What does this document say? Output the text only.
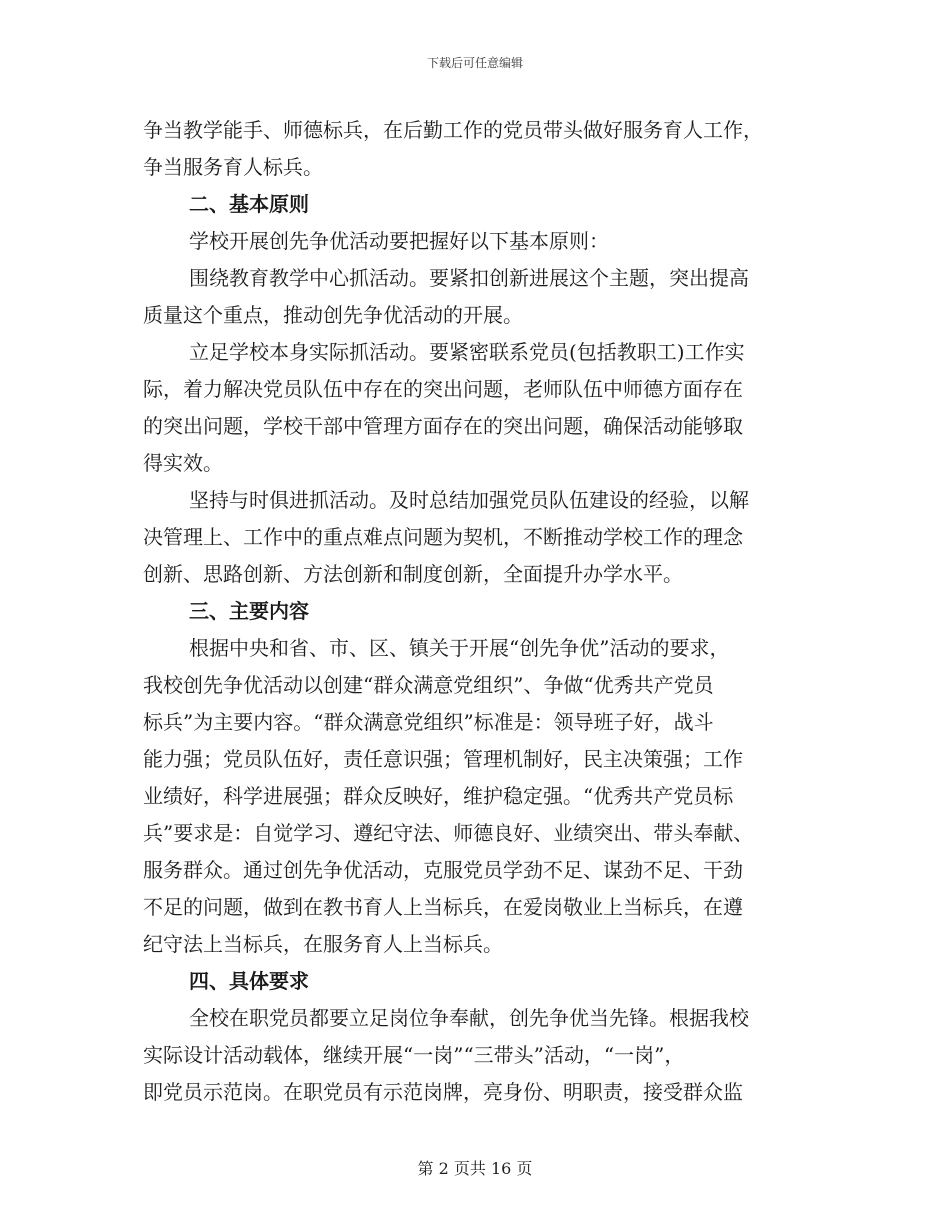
下载后可任意编辑
争当教学能手、师德标兵，在后勤工作的党员带头做好服务育人工作，
争当服务育人标兵。
二、基本原则
学校开展创先争优活动要把握好以下基本原则：
围绕教育教学中心抓活动。要紧扣创新进展这个主题，突出提高
质量这个重点，推动创先争优活动的开展。
立足学校本身实际抓活动。要紧密联系党员(包括教职工)工作实
际，着力解决党员队伍中存在的突出问题，老师队伍中师德方面存在
的突出问题，学校干部中管理方面存在的突出问题，确保活动能够取
得实效。
坚持与时俱进抓活动。及时总结加强党员队伍建设的经验，以解
决管理上、工作中的重点难点问题为契机，不断推动学校工作的理念
创新、思路创新、方法创新和制度创新，全面提升办学水平。
三、主要内容
根据中央和省、市、区、镇关于开展“创先争优”活动的要求，
我校创先争优活动以创建“群众满意党组织”、争做“优秀共产党员
标兵”为主要内容。“群众满意党组织”标准是：领导班子好，战斗
能力强；党员队伍好，责任意识强；管理机制好，民主决策强；工作
业绩好，科学进展强；群众反映好，维护稳定强。“优秀共产党员标
兵”要求是：自觉学习、遵纪守法、师德良好、业绩突出、带头奉献、
服务群众。通过创先争优活动，克服党员学劲不足、谋劲不足、干劲
不足的问题，做到在教书育人上当标兵，在爱岗敬业上当标兵，在遵
纪守法上当标兵，在服务育人上当标兵。
四、具体要求
全校在职党员都要立足岗位争奉献，创先争优当先锋。根据我校
实际设计活动载体，继续开展“一岗”“三带头”活动，“一岗”，
即党员示范岗。在职党员有示范岗牌，亮身份、明职责，接受群众监
第 2 页共 16 页
